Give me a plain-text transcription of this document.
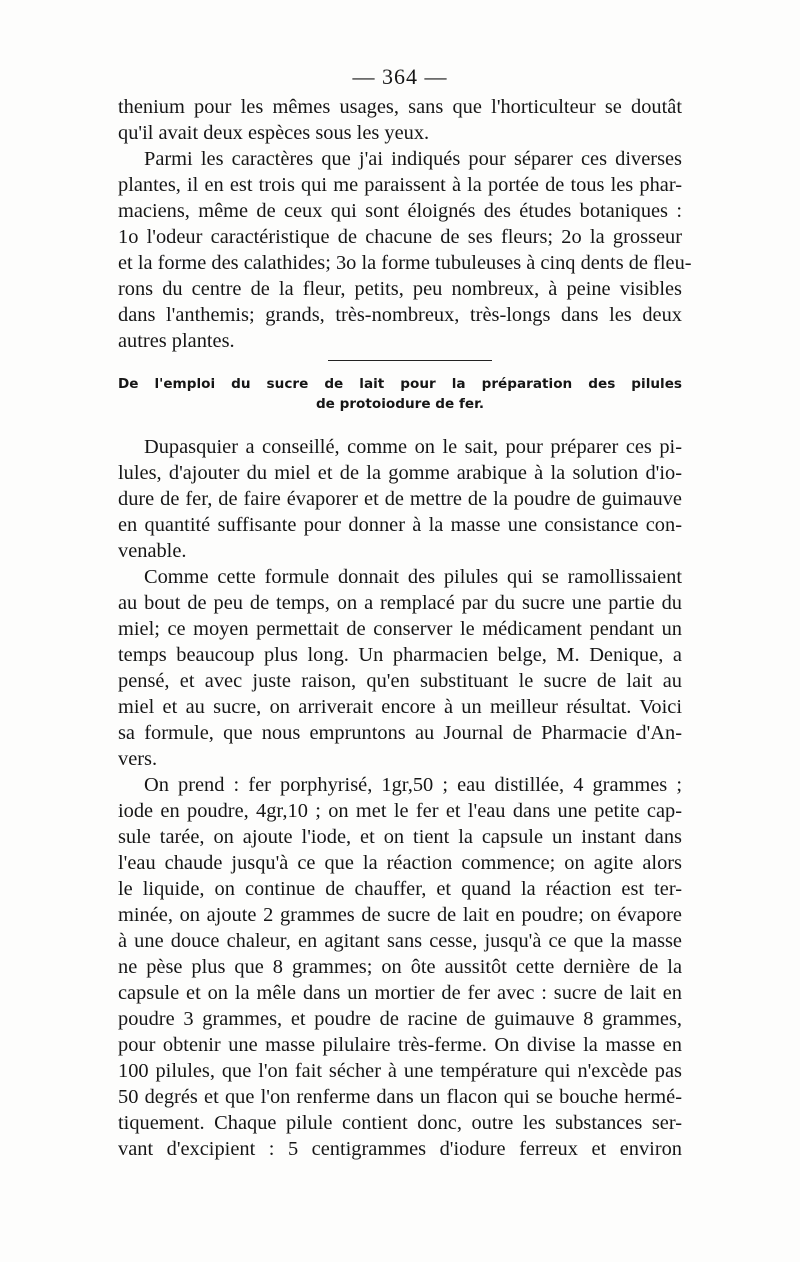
— 364 —
thenium pour les mêmes usages, sans que l'horticulteur se doutât
qu'il avait deux espèces sous les yeux.
Parmi les caractères que j'ai indiqués pour séparer ces diverses
plantes, il en est trois qui me paraissent à la portée de tous les phar-
maciens, même de ceux qui sont éloignés des études botaniques :
1o l'odeur caractéristique de chacune de ses fleurs; 2o la grosseur
et la forme des calathides; 3o la forme tubuleuses à cinq dents de fleu-
rons du centre de la fleur, petits, peu nombreux, à peine visibles
dans l'anthemis; grands, très-nombreux, très-longs dans les deux
autres plantes.
De l'emploi du sucre de lait pour la préparation des pilules
de protoiodure de fer.
Dupasquier a conseillé, comme on le sait, pour préparer ces pi-
lules, d'ajouter du miel et de la gomme arabique à la solution d'io-
dure de fer, de faire évaporer et de mettre de la poudre de guimauve
en quantité suffisante pour donner à la masse une consistance con-
venable.
Comme cette formule donnait des pilules qui se ramollissaient
au bout de peu de temps, on a remplacé par du sucre une partie du
miel; ce moyen permettait de conserver le médicament pendant un
temps beaucoup plus long. Un pharmacien belge, M. Denique, a
pensé, et avec juste raison, qu'en substituant le sucre de lait au
miel et au sucre, on arriverait encore à un meilleur résultat. Voici
sa formule, que nous empruntons au Journal de Pharmacie d'An-
vers.
On prend : fer porphyrisé, 1gr,50 ; eau distillée, 4 grammes ;
iode en poudre, 4gr,10 ; on met le fer et l'eau dans une petite cap-
sule tarée, on ajoute l'iode, et on tient la capsule un instant dans
l'eau chaude jusqu'à ce que la réaction commence; on agite alors
le liquide, on continue de chauffer, et quand la réaction est ter-
minée, on ajoute 2 grammes de sucre de lait en poudre; on évapore
à une douce chaleur, en agitant sans cesse, jusqu'à ce que la masse
ne pèse plus que 8 grammes; on ôte aussitôt cette dernière de la
capsule et on la mêle dans un mortier de fer avec : sucre de lait en
poudre 3 grammes, et poudre de racine de guimauve 8 grammes,
pour obtenir une masse pilulaire très-ferme. On divise la masse en
100 pilules, que l'on fait sécher à une température qui n'excède pas
50 degrés et que l'on renferme dans un flacon qui se bouche hermé-
tiquement. Chaque pilule contient donc, outre les substances ser-
vant d'excipient : 5 centigrammes d'iodure ferreux et environ
